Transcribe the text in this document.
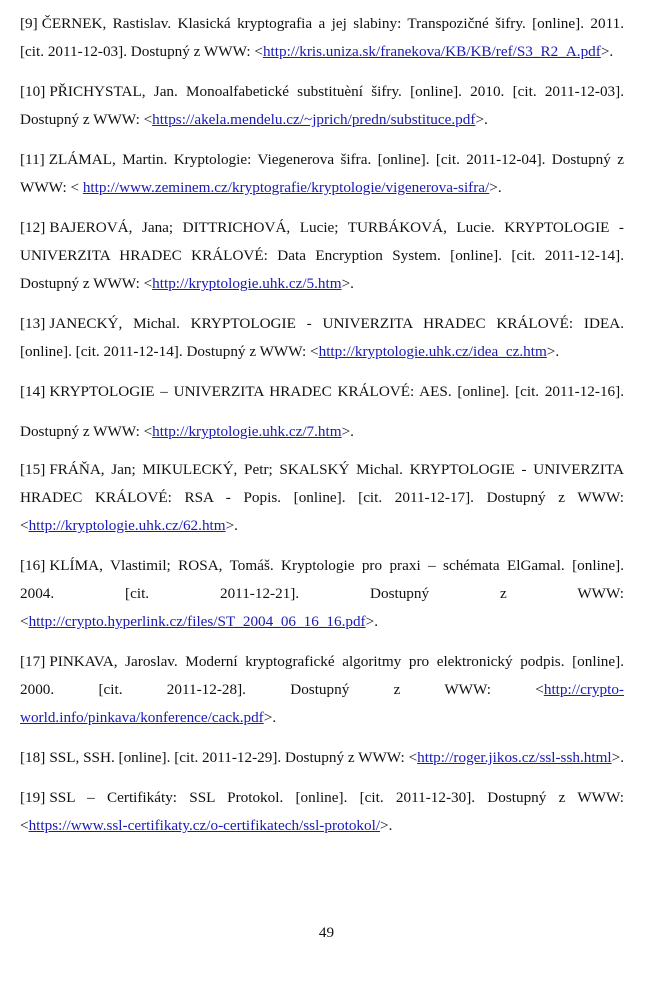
[9] ČERNEK, Rastislav. Klasická kryptografia a jej slabiny: Transpozičné šifry. [online]. 2011. [cit. 2011-12-03]. Dostupný z WWW: <http://kris.uniza.sk/franekova/KB/KB/ref/S3_R2_A.pdf>.

[10] PŘICHYSTAL, Jan. Monoalfabetické substituèní šifry. [online]. 2010. [cit. 2011-12-03]. Dostupný z WWW: <https://akela.mendelu.cz/~jprich/predn/substituce.pdf>.

[11] ZLÁMAL, Martin. Kryptologie: Viegenerova šifra. [online]. [cit. 2011-12-04]. Dostupný z WWW: < http://www.zeminem.cz/kryptografie/kryptologie/vigenerova-sifra/>.

[12] BAJEROVÁ, Jana; DITTRICHOVÁ, Lucie; TURBÁKOVÁ, Lucie. KRYPTOLOGIE - UNIVERZITA HRADEC KRÁLOVÉ: Data Encryption System. [online]. [cit. 2011-12-14]. Dostupný z WWW: <http://kryptologie.uhk.cz/5.htm>.

[13] JANECKÝ, Michal. KRYPTOLOGIE - UNIVERZITA HRADEC KRÁLOVÉ: IDEA. [online]. [cit. 2011-12-14]. Dostupný z WWW: <http://kryptologie.uhk.cz/idea_cz.htm>.

[14] KRYPTOLOGIE – UNIVERZITA HRADEC KRÁLOVÉ: AES. [online]. [cit. 2011-12-16]. Dostupný z WWW: <http://kryptologie.uhk.cz/7.htm>.

[15] FRÁŇA, Jan; MIKULECKÝ, Petr; SKALSKÝ Michal. KRYPTOLOGIE - UNIVERZITA HRADEC KRÁLOVÉ: RSA - Popis. [online]. [cit. 2011-12-17]. Dostupný z WWW: <http://kryptologie.uhk.cz/62.htm>.

[16] KLÍMA, Vlastimil; ROSA, Tomáš. Kryptologie pro praxi – schémata ElGamal. [online]. 2004. [cit. 2011-12-21]. Dostupný z WWW: <http://crypto.hyperlink.cz/files/ST_2004_06_16_16.pdf>.

[17] PINKAVA, Jaroslav. Moderní kryptografické algoritmy pro elektronický podpis. [online]. 2000. [cit. 2011-12-28]. Dostupný z WWW: <http://crypto-world.info/pinkava/konference/cack.pdf>.

[18] SSL, SSH. [online]. [cit. 2011-12-29]. Dostupný z WWW: <http://roger.jikos.cz/ssl-ssh.html>.

[19] SSL – Certifikáty: SSL Protokol. [online]. [cit. 2011-12-30]. Dostupný z WWW: <https://www.ssl-certifikaty.cz/o-certifikatech/ssl-protokol/>.

49
